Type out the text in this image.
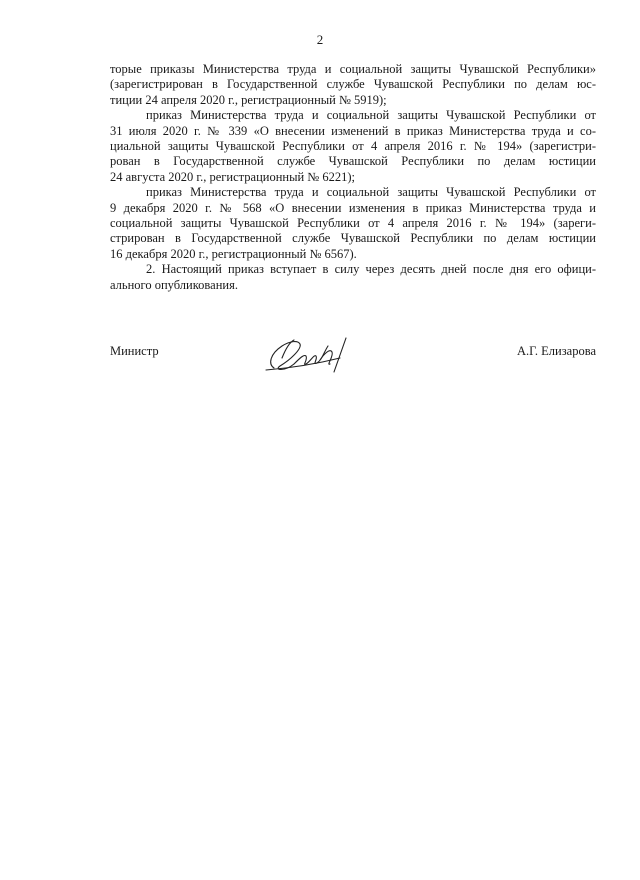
2
торые приказы Министерства труда и социальной защиты Чувашской Республики»
(зарегистрирован в Государственной службе Чувашской Республики по делам юс-
тиции 24 апреля 2020 г., регистрационный № 5919);
приказ Министерства труда и социальной защиты Чувашской Республики от
31 июля 2020 г. № 339 «О внесении изменений в приказ Министерства труда и со-
циальной защиты Чувашской Республики от 4 апреля 2016 г. № 194» (зарегистри-
рован в Государственной службе Чувашской Республики по делам юстиции
24 августа 2020 г., регистрационный № 6221);
приказ Министерства труда и социальной защиты Чувашской Республики от
9 декабря 2020 г. № 568 «О внесении изменения в приказ Министерства труда и
социальной защиты Чувашской Республики от 4 апреля 2016 г. № 194» (зареги-
стрирован в Государственной службе Чувашской Республики по делам юстиции
16 декабря 2020 г., регистрационный № 6567).
2. Настоящий приказ вступает в силу через десять дней после дня его офици-
ального опубликования.
Министр	А.Г. Елизарова
